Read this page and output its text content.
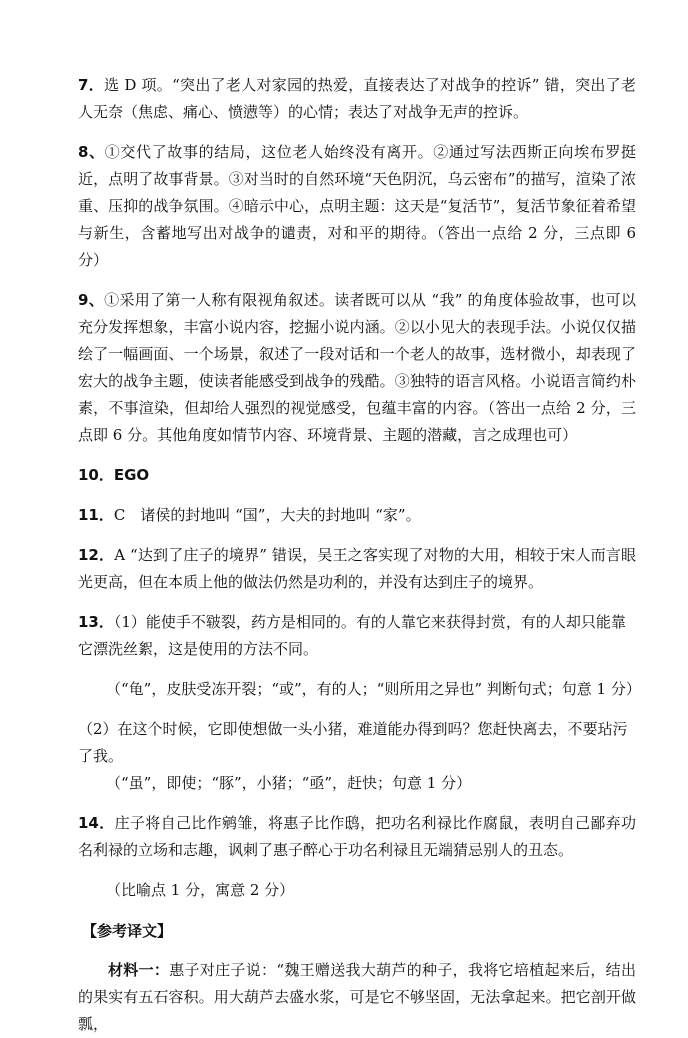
7．选 D 项。“突出了老人对家园的热爱，直接表达了对战争的控诉” 错，突出了老人无奈（焦虑、痛心、愤懑等）的心情；表达了对战争无声的控诉。

8、①交代了故事的结局，这位老人始终没有离开。②通过写法西斯正向埃布罗挺近，点明了故事背景。③对当时的自然环境“天色阴沉，乌云密布”的描写，渲染了浓重、压抑的战争氛围。④暗示中心，点明主题：这天是“复活节”，复活节象征着希望与新生，含蓄地写出对战争的谴责，对和平的期待。（答出一点给 2 分，三点即 6 分）

9、①采用了第一人称有限视角叙述。读者既可以从 “我” 的角度体验故事，也可以充分发挥想象，丰富小说内容，挖掘小说内涵。②以小见大的表现手法。小说仅仅描绘了一幅画面、一个场景，叙述了一段对话和一个老人的故事，选材微小，却表现了宏大的战争主题，使读者能感受到战争的残酷。③独特的语言风格。小说语言简约朴素，不事渲染，但却给人强烈的视觉感受，包蕴丰富的内容。（答出一点给 2 分，三点即 6 分。其他角度如情节内容、环境背景、主题的潜藏，言之成理也可）

10．EGO

11．C　诸侯的封地叫 “国”，大夫的封地叫 “家”。

12．A “达到了庄子的境界” 错误，吴王之客实现了对物的大用，相较于宋人而言眼光更高，但在本质上他的做法仍然是功利的，并没有达到庄子的境界。

13．（1）能使手不皲裂，药方是相同的。有的人靠它来获得封赏，有的人却只能靠它漂洗丝絮，这是使用的方法不同。

（“龟”，皮肤受冻开裂；“或”，有的人；“则所用之异也” 判断句式；句意 1 分）

（2）在这个时候，它即使想做一头小猪，难道能办得到吗？您赶快离去，不要玷污了我。

（“虽”，即使；“豚”，小猪；“亟”，赶快；句意 1 分）

14．庄子将自己比作鹓雏，将惠子比作鸱，把功名利禄比作腐鼠，表明自己鄙弃功名利禄的立场和志趣，讽刺了惠子醉心于功名利禄且无端猜忌别人的丑态。

（比喻点 1 分，寓意 2 分）

【参考译文】

材料一：惠子对庄子说：“魏王赠送我大葫芦的种子，我将它培植起来后，结出的果实有五石容积。用大葫芦去盛水浆，可是它不够坚固，无法拿起来。把它剖开做瓢，
